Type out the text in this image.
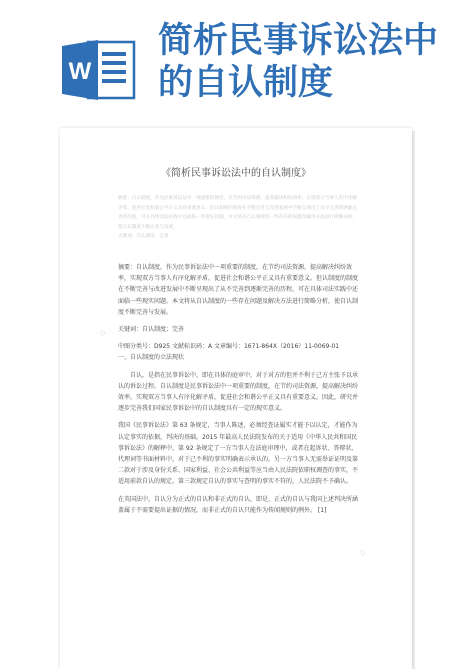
W
简析民事诉讼法中
的自认制度
⌂
⌂
《简析民事诉讼法中的自认制度》
摘要：自认制度，作为民事诉讼法中一项重要的制度，在节约司法资源、提高解决纠纷效率、实现双方当事人有序化解矛盾、促进社会和谐公平正义具有重要意义。但认制度的制度在不断完善与改进发展中不断呈现出了从不完善到逐渐完善的历程，可在具体司法实践中还面临一些现实问题。本文将从自认制度的一些存在的问题及解决方法进行简略分析，使自认制度不断完善与发展。
关键词：自认制度；完善

摘要：自认制度，作为民事诉讼法中一项重要的制度，在节约司法资源，提高解决纠纷效率，实现双方当事人有序化解矛盾，促进社会和谐公平正义具有重要意义。但认制度的制度在不断完善与改进发展中不断呈现出了从不完善到逐渐完善的历程，可在具体司法实践中还面临一些现实问题。本文将从自认制度的一些存在问题及解决方法进行简略分析，使自认制度不断完善与发展。

关键词：自认制度；完善

中图分类号：D925 文献标识码：A 文章编号：1671-864X（2016）11-0069-01

一、自认制度的立法现状

自认，是指在民事诉讼中，即在具体的庭审中，对于对方的但并不利于己方主张予以承认的诉讼过程。自认制度是民事诉讼法中一项重要的制度，在节约司法资源，提高解决纠纷效率，实现双方当事人有序化解矛盾，促进社会和谐公平正义具有重要意义。因此，研究并逐步完善我们国家民事诉讼中的自认制度具有一定的现实意义。

我国《民事诉讼法》第 63 条规定，当事人陈述，必须经查证属实才能予以认定，才能作为认定事实的依据，判决的基础。2015 年最高人民法院发布的关于适用《中华人民共和国民事诉讼法》的解释中，第 92 条规定了一方当事人在法庭审理中，或者在起诉状、答辩状、代理词等书面材料中，对于己不利的事实明确表示承认的，另一方当事人无需举证证明及第二款对于涉及身份关系、国家利益、社会公共利益等应当由人民法院依职权调查的事实，不适用前款自认的规定。第三款规定自认的事实与查明的事实不符的，人民法院不予确认。

在英国法中，自认分为正式的自认和非正式的自认，即是，正式的自认与我国上述判决所涵盖属于不需要提出证据的情况，而非正式的自认只能作为传闻规则的例外。 [1]
